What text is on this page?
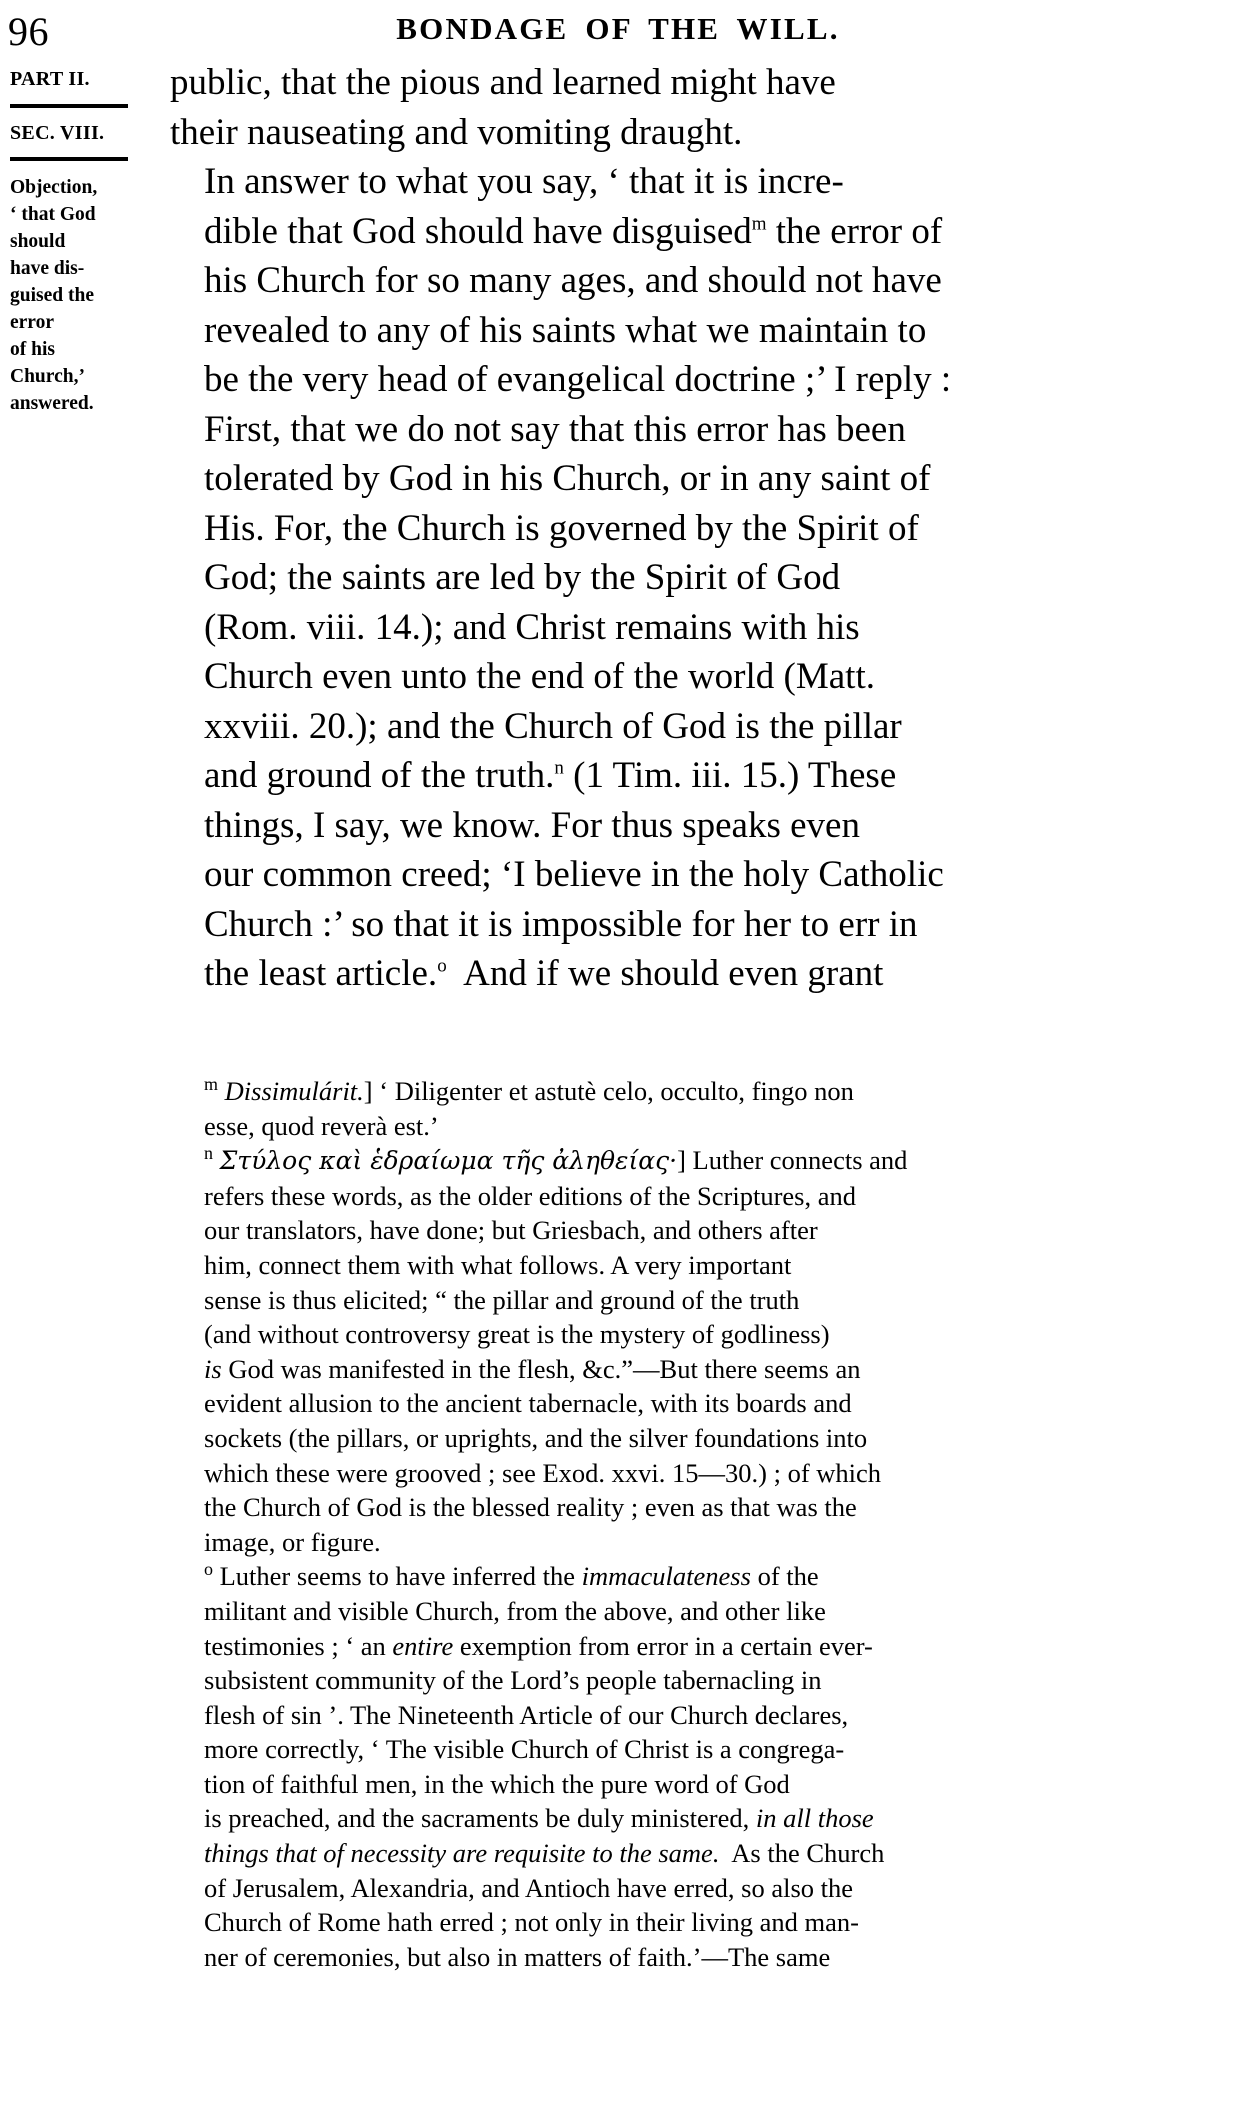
96	BONDAGE OF THE WILL.
PART II.
SEC. VIII.
Objection,
‘ that God
should
have dis-
guised the
error
of his
Church,’
answered.

public, that the pious and learned might have
their nauseating and vomiting draught.

In answer to what you say, ‘ that it is incre-
dible that God should have disguised$^m$ the error of
his Church for so many ages, and should not have
revealed to any of his saints what we maintain to
be the very head of evangelical doctrine ;’ I reply :

First, that we do not say that this error has been
tolerated by God in his Church, or in any saint of
His. For, the Church is governed by the Spirit of
God; the saints are led by the Spirit of God
(Rom. viii. 14.); and Christ remains with his
Church even unto the end of the world (Matt.
xxviii. 20.); and the Church of God is the pillar
and ground of the truth.$^n$ (1 Tim. iii. 15.) These
things, I say, we know. For thus speaks even
our common creed; ‘I believe in the holy Catholic
Church :’ so that it is impossible for her to err in
the least article.$^o$ And if we should even grant

$^m$ Dissimulárit.] ‘ Diligenter et astutè celo, occulto, fingo non
esse, quod reverà est.’

$^n$ Στύλος καὶ ἑδραίωμα τῆς ἀληθείας·] Luther connects and
refers these words, as the older editions of the Scriptures, and
our translators, have done; but Griesbach, and others after
him, connect them with what follows. A very important
sense is thus elicited; “ the pillar and ground of the truth
(and without controversy great is the mystery of godliness)
is God was manifested in the flesh, &c.”—But there seems an
evident allusion to the ancient tabernacle, with its boards and
sockets (the pillars, or uprights, and the silver foundations into
which these were grooved ; see Exod. xxvi. 15—30.) ; of which
the Church of God is the blessed reality ; even as that was the
image, or figure.

$^o$ Luther seems to have inferred the immaculateness of the
militant and visible Church, from the above, and other like
testimonies ; ‘ an entire exemption from error in a certain ever-
subsistent community of the Lord’s people tabernacling in
flesh of sin ’. The Nineteenth Article of our Church declares,
more correctly, ‘ The visible Church of Christ is a congrega-
tion of faithful men, in the which the pure word of God
is preached, and the sacraments be duly ministered, in all those
things that of necessity are requisite to the same. As the Church
of Jerusalem, Alexandria, and Antioch have erred, so also the
Church of Rome hath erred ; not only in their living and man-
ner of ceremonies, but also in matters of faith.’—The same
